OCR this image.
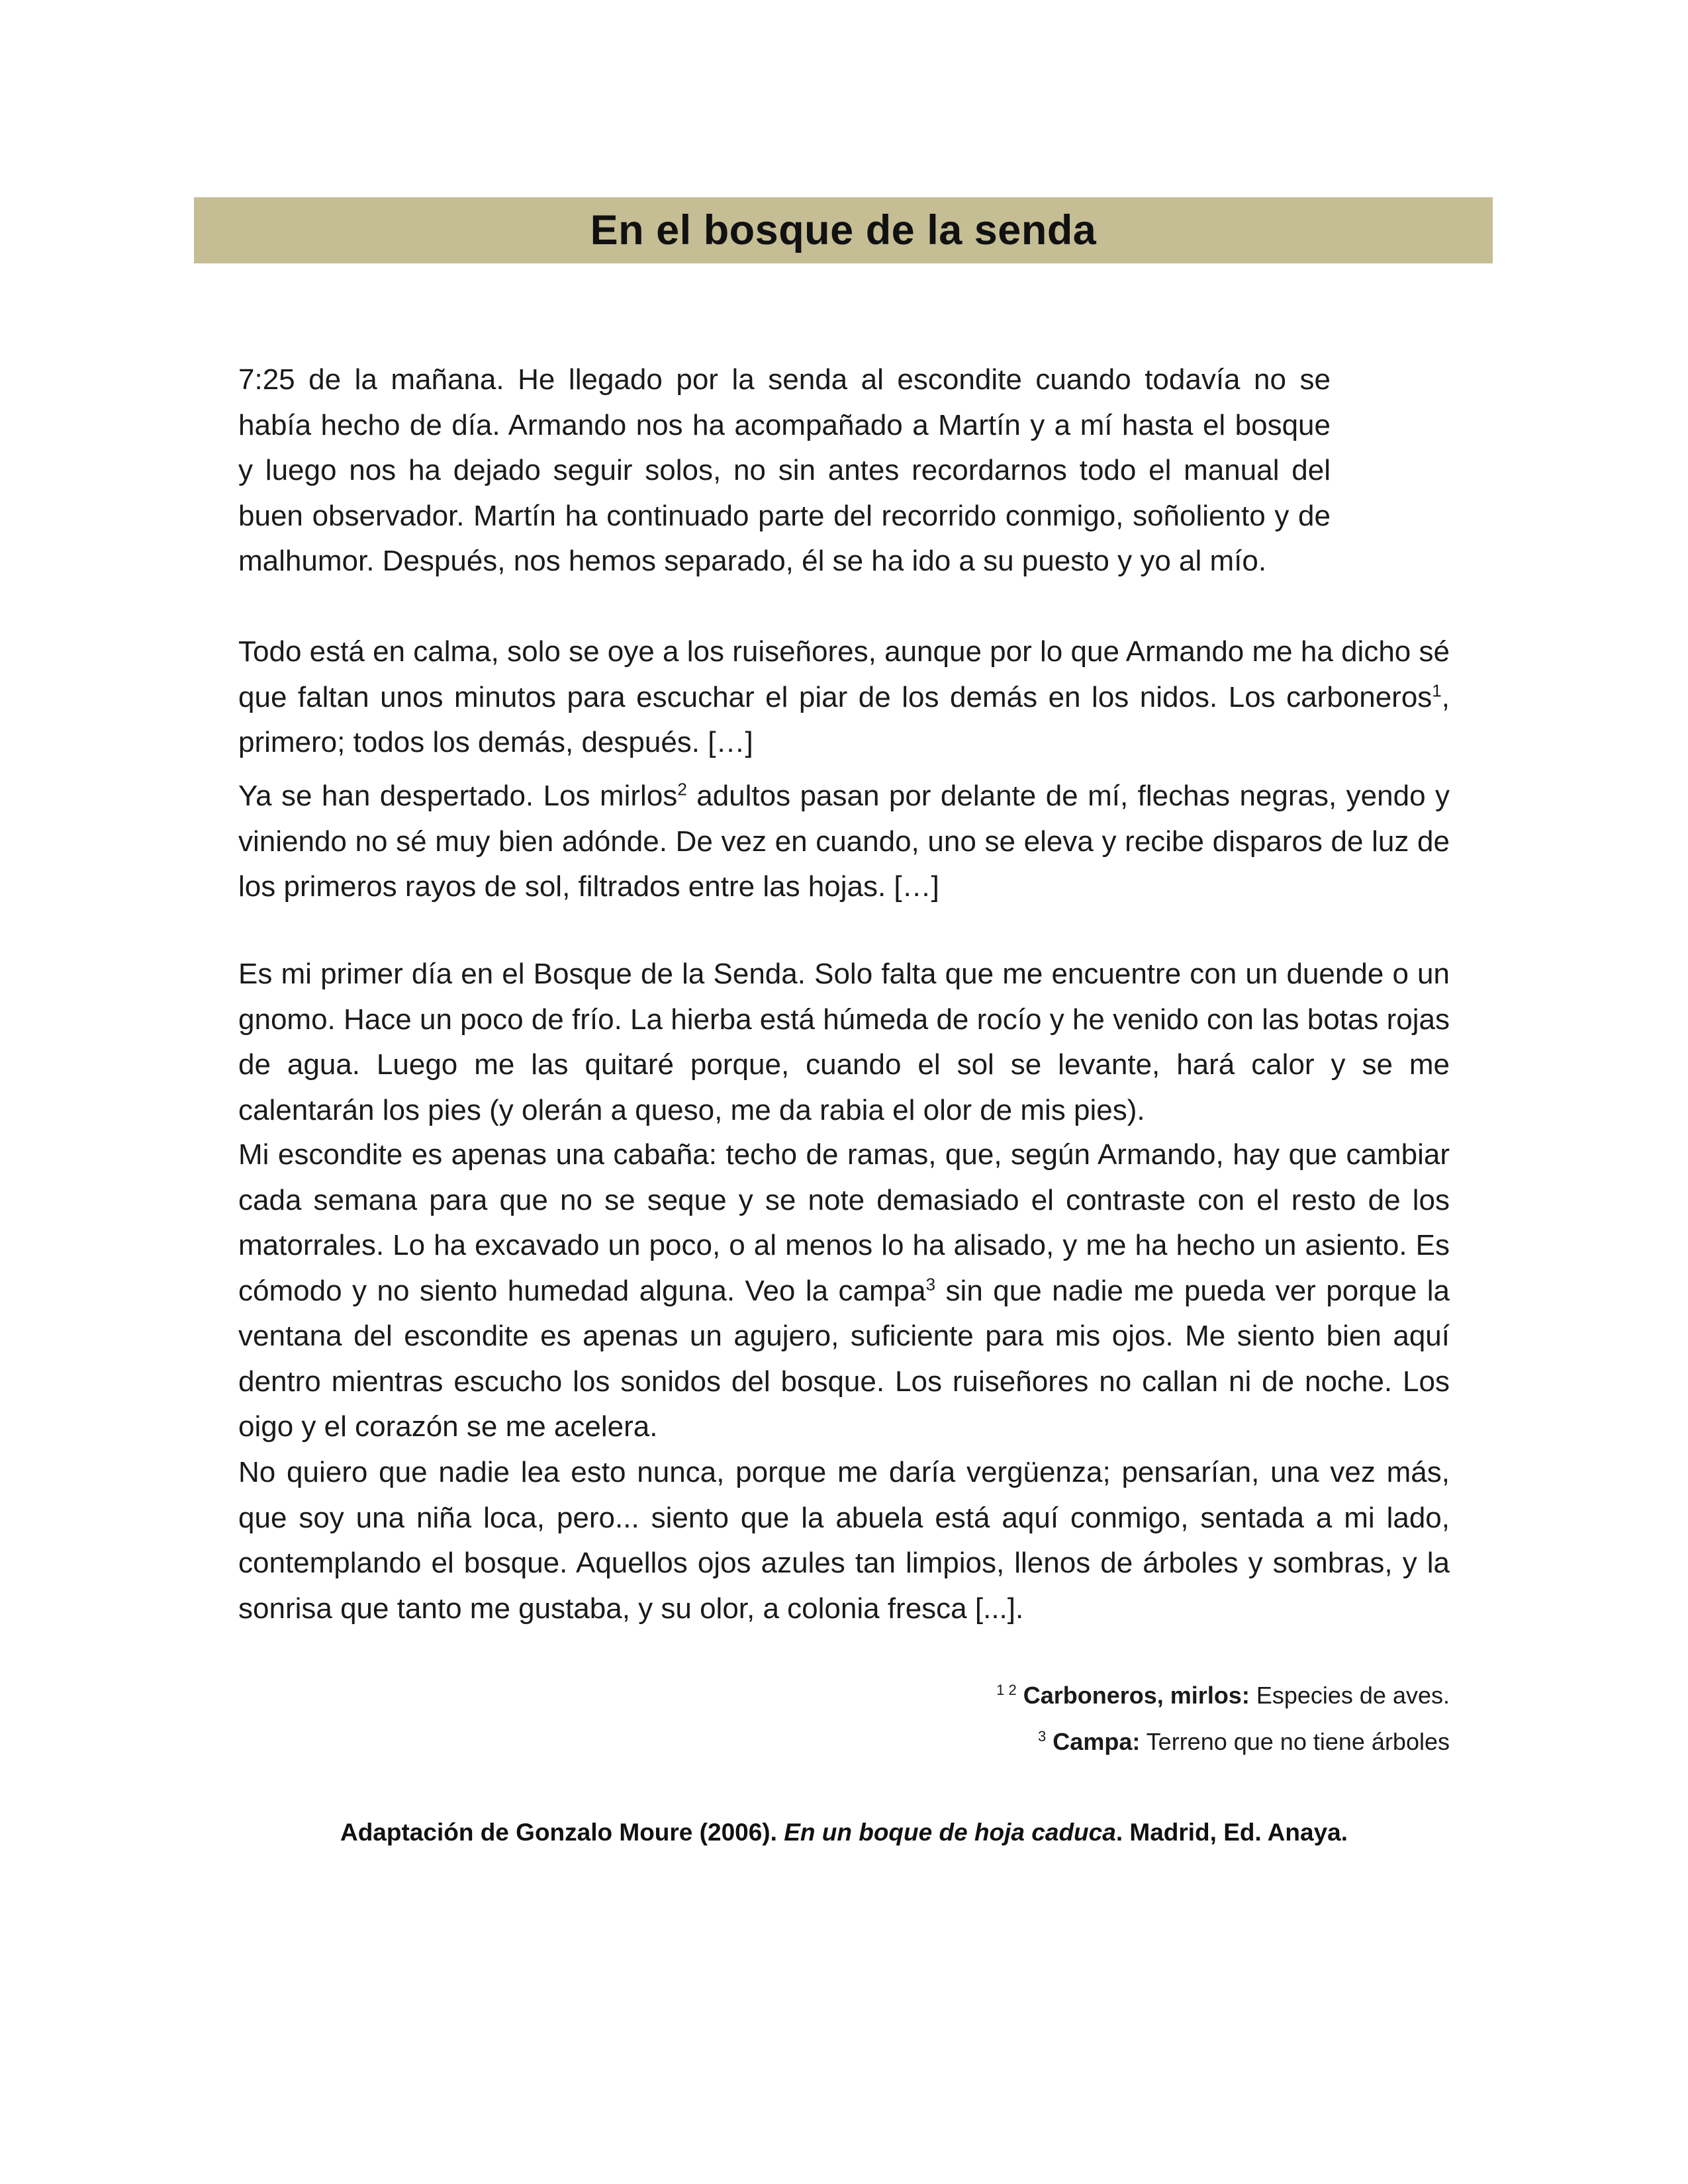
En el bosque de la senda

7:25 de la mañana. He llegado por la senda al escondite cuando todavía no se había hecho de día. Armando nos ha acompañado a Martín y a mí hasta el bosque y luego nos ha dejado seguir solos, no sin antes recordarnos todo el manual del buen observador. Martín ha continuado parte del recorrido conmigo, soñoliento y de malhumor. Después, nos hemos separado, él se ha ido a su puesto y yo al mío.

Todo está en calma, solo se oye a los ruiseñores, aunque por lo que Armando me ha dicho sé que faltan unos minutos para escuchar el piar de los demás en los nidos. Los carboneros$^1$, primero; todos los demás, después. […]

Ya se han despertado. Los mirlos$^2$ adultos pasan por delante de mí, flechas negras, yendo y viniendo no sé muy bien adónde. De vez en cuando, uno se eleva y recibe disparos de luz de los primeros rayos de sol, filtrados entre las hojas. […]

Es mi primer día en el Bosque de la Senda. Solo falta que me encuentre con un duende o un gnomo. Hace un poco de frío. La hierba está húmeda de rocío y he venido con las botas rojas de agua. Luego me las quitaré porque, cuando el sol se levante, hará calor y se me calentarán los pies (y olerán a queso, me da rabia el olor de mis pies).

Mi escondite es apenas una cabaña: techo de ramas, que, según Armando, hay que cambiar cada semana para que no se seque y se note demasiado el contraste con el resto de los matorrales. Lo ha excavado un poco, o al menos lo ha alisado, y me ha hecho un asiento. Es cómodo y no siento humedad alguna. Veo la campa$^3$ sin que nadie me pueda ver porque la ventana del escondite es apenas un agujero, suficiente para mis ojos. Me siento bien aquí dentro mientras escucho los sonidos del bosque. Los ruiseñores no callan ni de noche. Los oigo y el corazón se me acelera.

No quiero que nadie lea esto nunca, porque me daría vergüenza; pensarían, una vez más, que soy una niña loca, pero... siento que la abuela está aquí conmigo, sentada a mi lado, contemplando el bosque. Aquellos ojos azules tan limpios, llenos de árboles y sombras, y la sonrisa que tanto me gustaba, y su olor, a colonia fresca [...].

$^{1 2}$ Carboneros, mirlos: Especies de aves.
$^3$ Campa: Terreno que no tiene árboles
Adaptación de Gonzalo Moure (2006). En un boque de hoja caduca. Madrid, Ed. Anaya.
